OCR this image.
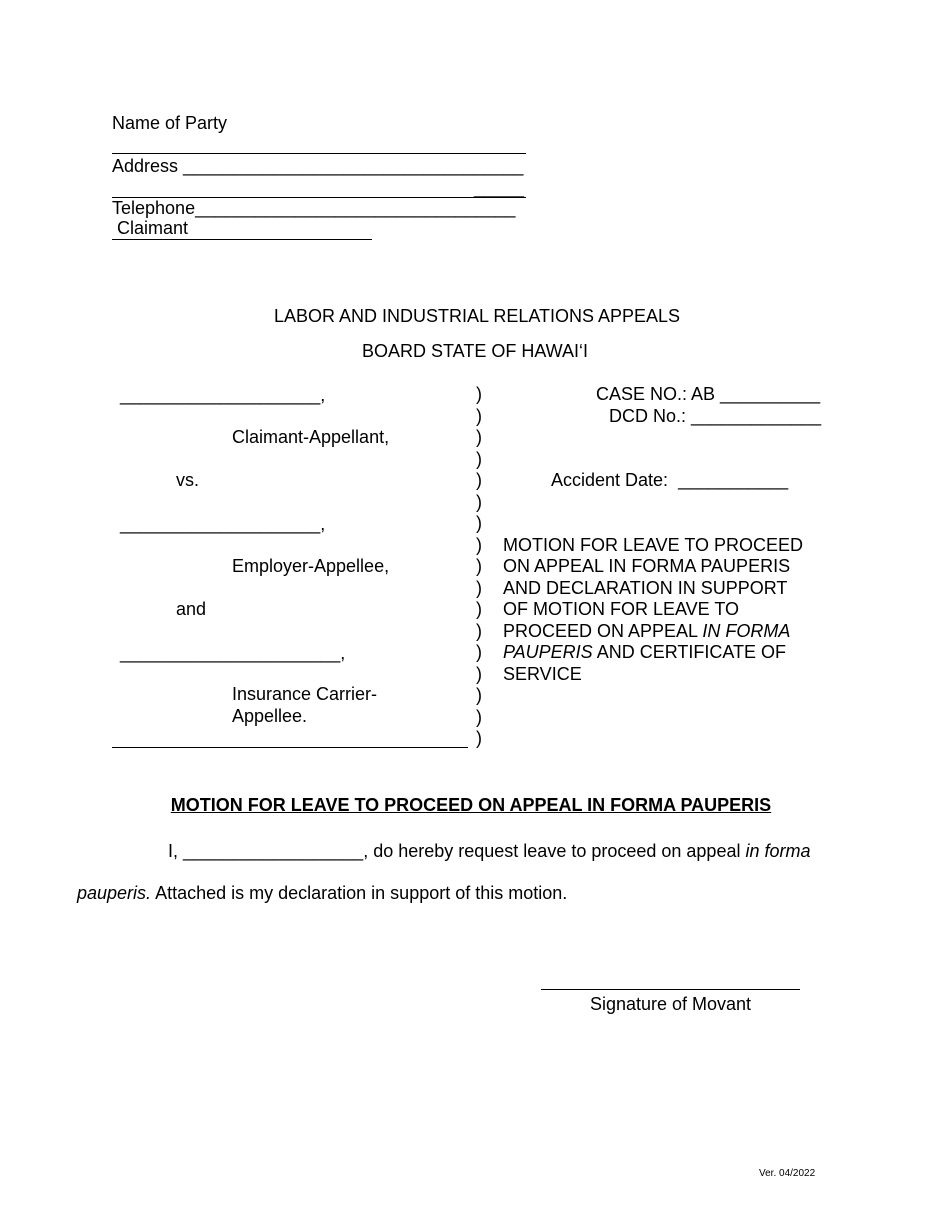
Name of Party
Address __________________________________
_____
Telephone________________________________
Claimant
LABOR AND INDUSTRIAL RELATIONS APPEALS
BOARD STATE OF HAWAI‘I
____________________,
Claimant-Appellant,
vs.
____________________,
Employer-Appellee,
and
______________________,
Insurance Carrier-
Appellee.
)
)
)
)
)
)
)
)
)
)
)
)
)
)
)
)
)
CASE NO.: AB __________
DCD No.: _____________
Accident Date:  ___________
MOTION FOR LEAVE TO PROCEED
ON APPEAL IN FORMA PAUPERIS
AND DECLARATION IN SUPPORT
OF MOTION FOR LEAVE TO
PROCEED ON APPEAL IN FORMA
PAUPERIS AND CERTIFICATE OF
SERVICE
MOTION FOR LEAVE TO PROCEED ON APPEAL IN FORMA PAUPERIS
I, __________________, do hereby request leave to proceed on appeal in forma
pauperis. Attached is my declaration in support of this motion.
Signature of Movant
Ver. 04/2022
